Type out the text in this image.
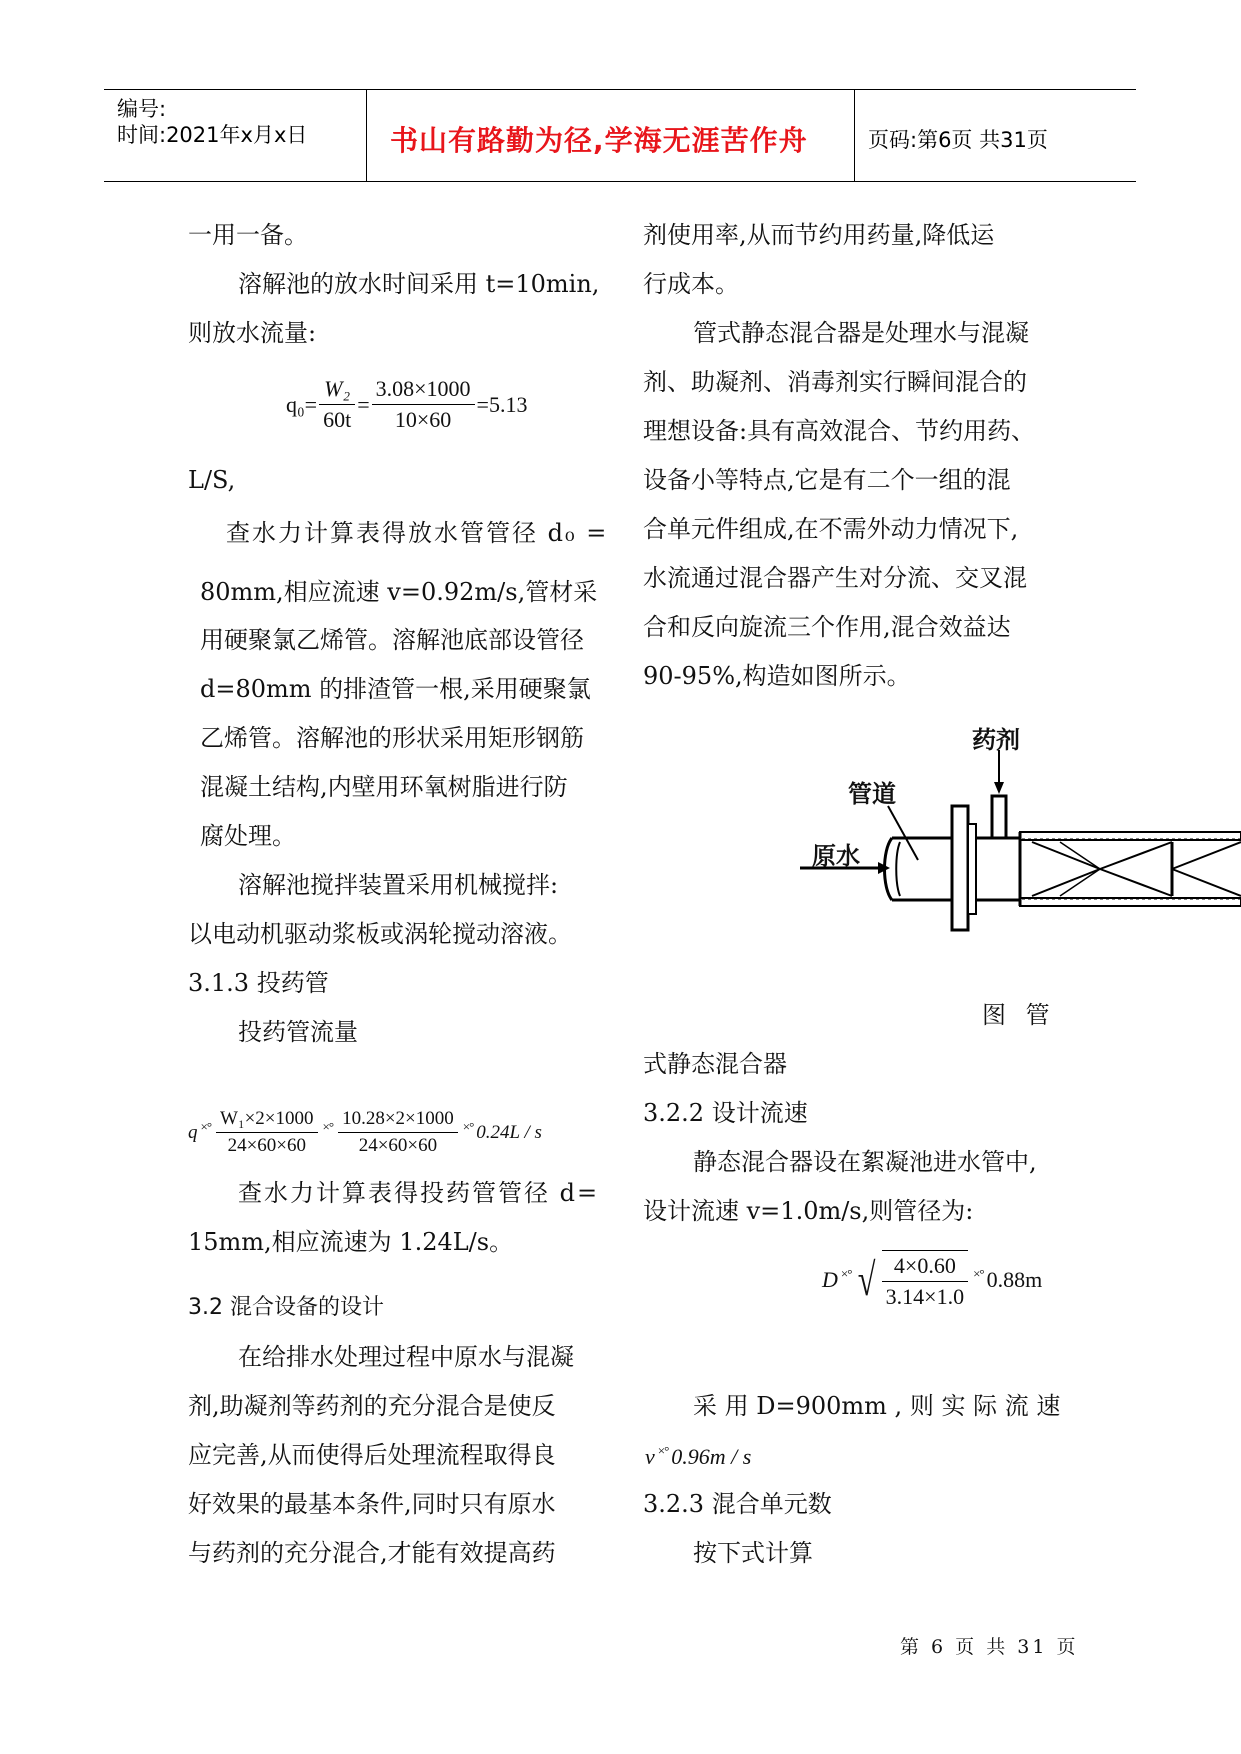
编号:
时间:2021年x月x日	书山有路勤为径,学海无涯苦作舟	页码:第6页 共31页
一用一备。
溶解池的放水时间采用 t=10min,
则放水流量:
$q_0= \frac{\text{W₂}}{60t} = \frac{3.08\times 1000}{10\times 60} =5.13$
L/S,
查水力计算表得放水管管径 d₀ =
80mm,相应流速 v=0.92m/s,管材采
用硬聚氯乙烯管。溶解池底部设管径
d=80mm 的排渣管一根,采用硬聚氯
乙烯管。溶解池的形状采用矩形钢筋
混凝土结构,内壁用环氧树脂进行防
腐处理。
溶解池搅拌装置采用机械搅拌:
以电动机驱动浆板或涡轮搅动溶液。
3.1.3 投药管
投药管流量
q ×° $\frac{\text{W₁×2×1000}}{24\times 60\times 60}$ ×° $\frac{10.28\times 2\times 1000}{24\times 60\times 60}$ ×° 0.24L / s
查水力计算表得投药管管径 d=
15mm,相应流速为 1.24L/s。
3.2 混合设备的设计
在给排水处理过程中原水与混凝
剂,助凝剂等药剂的充分混合是使反
应完善,从而使得后处理流程取得良
好效果的最基本条件,同时只有原水
与药剂的充分混合,才能有效提高药
剂使用率,从而节约用药量,降低运
行成本。
管式静态混合器是处理水与混凝
剂、助凝剂、消毒剂实行瞬间混合的
理想设备:具有高效混合、节约用药、
设备小等特点,它是有二个一组的混
合单元件组成,在不需外动力情况下,
水流通过混合器产生对分流、交叉混
合和反向旋流三个作用,混合效益达
90-95%,构造如图所示。
药剂
管道
原水
图 管
式静态混合器
3.2.2 设计流速
静态混合器设在絮凝池进水管中,
设计流速 v=1.0m/s,则管径为:
D ×° √ $\frac{4\times 0.60}{3.14\times 1.0}$ ×° 0.88m
采 用 D=900mm , 则 实 际 流 速
v ×° 0.96m / s
3.2.3 混合单元数
按下式计算
第 6 页 共 31 页
